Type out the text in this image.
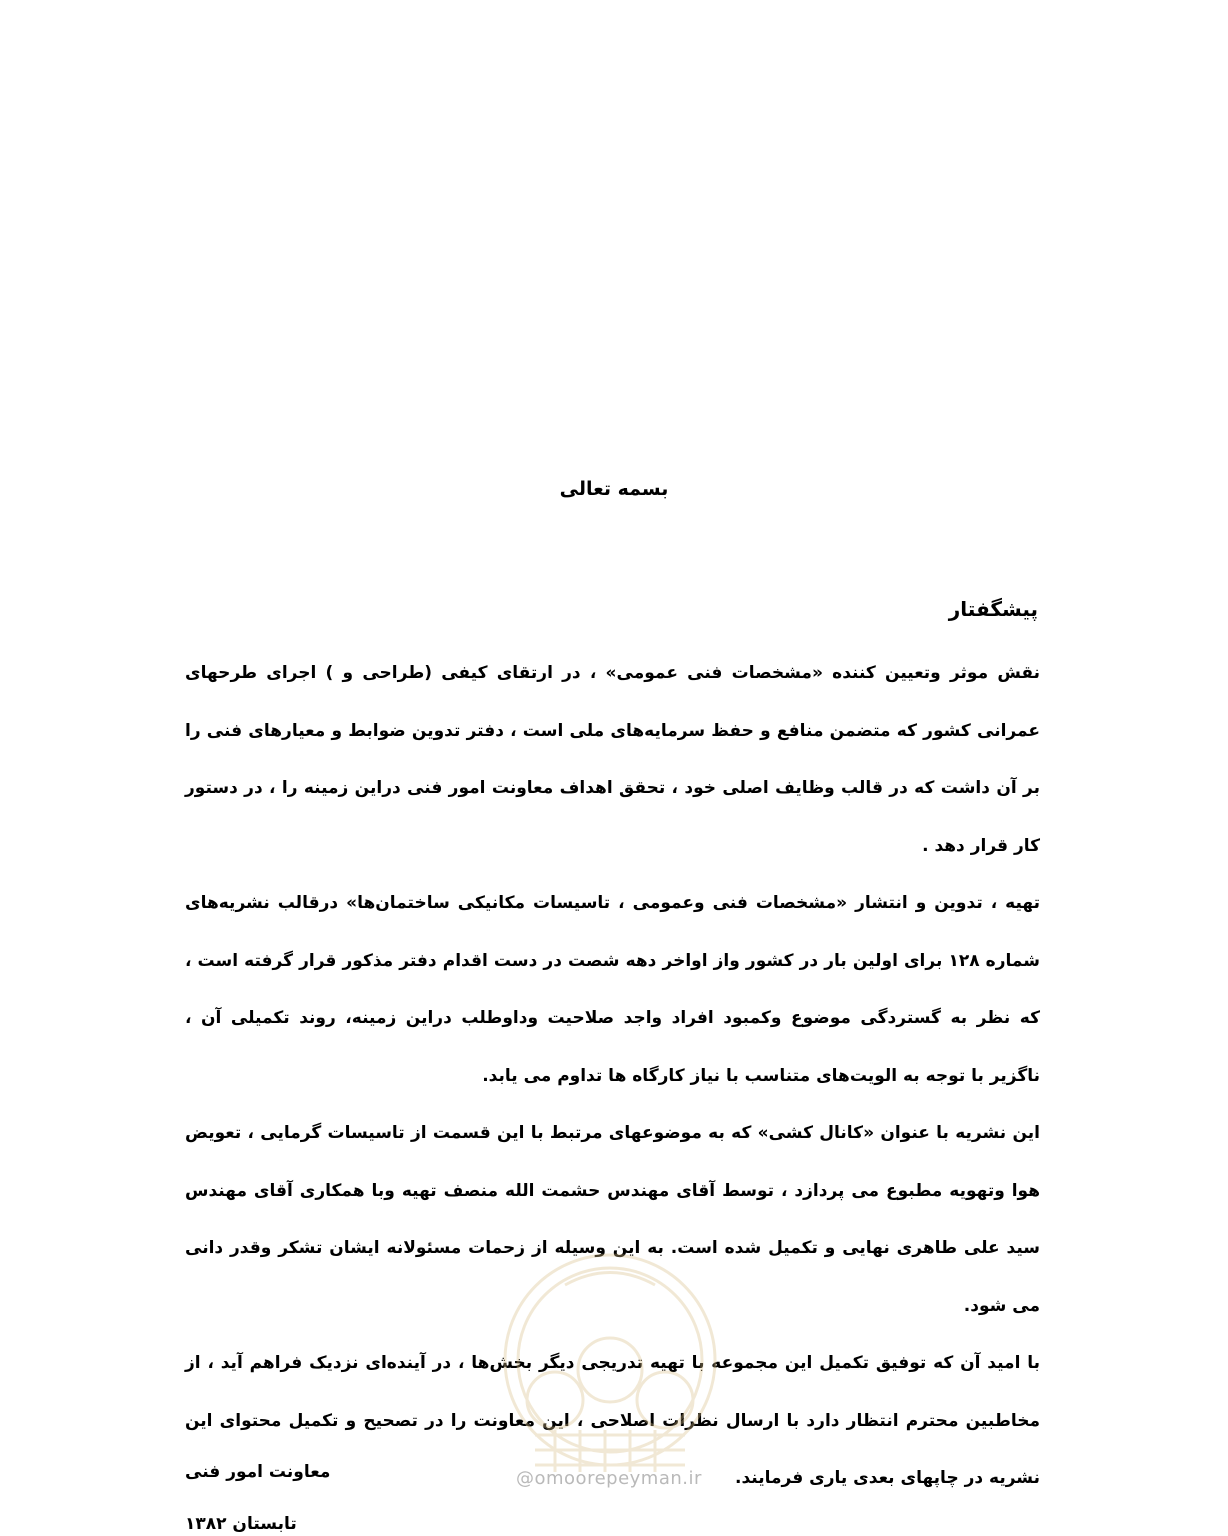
بسمه تعالی
پیشگفتار

نقش موثر وتعیین کننده «مشخصات فنی عمومی» ، در ارتقای کیفی (طراحی و ) اجرای طرحهای عمرانی کشور که متضمن منافع و حفظ سرمایه‌های ملی است ، دفتر تدوین ضوابط و معیارهای فنی را بر آن داشت که در قالب وظایف اصلی خود ، تحقق اهداف معاونت امور فنی دراین زمینه را ، در دستور کار قرار دهد .

تهیه ، تدوین و انتشار «مشخصات فنی وعمومی ، تاسیسات مکانیکی ساختمان‌ها» درقالب نشریه‌های شماره ۱۲۸ برای اولین بار در کشور واز اواخر دهه شصت در دست اقدام دفتر مذکور قرار گرفته است ، که نظر به گستردگی موضوع وکمبود افراد واجد صلاحیت وداوطلب دراین زمینه، روند تکمیلی آن ، ناگزیر با توجه به الویت‌های متناسب با نیاز کارگاه ها تداوم می یابد.

این نشریه با عنوان «کانال کشی» که به موضوعهای مرتبط با این قسمت از تاسیسات گرمایی ، تعویض هوا وتهویه مطبوع می پردازد ، توسط آقای مهندس حشمت الله منصف تهیه وبا همکاری آقای مهندس سید علی طاهری نهایی و تکمیل شده است. به این وسیله از زحمات مسئولانه ایشان تشکر وقدر دانی می شود.

با امید آن که توفیق تکمیل این مجموعه با تهیه تدریجی دیگر بخش‌ها ، در آینده‌ای نزدیک فراهم آید ، از مخاطبین محترم انتظار دارد با ارسال نظرات اصلاحی ، این معاونت را در تصحیح و تکمیل محتوای این نشریه در چاپهای بعدی یاری فرمایند.

@omoorepeyman.ir
معاونت امور فنی
تابستان ۱۳۸۲
